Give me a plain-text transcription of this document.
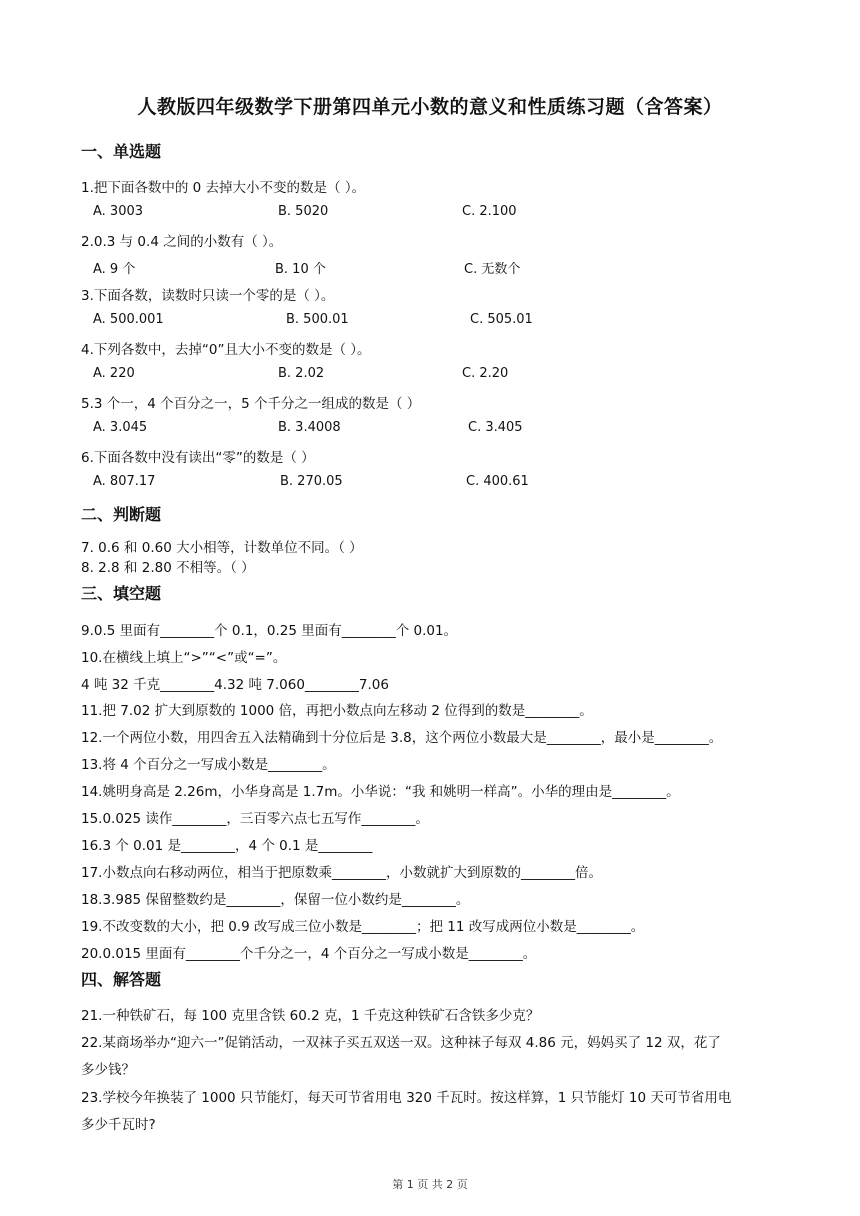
人教版四年级数学下册第四单元小数的意义和性质练习题（含答案）
一、单选题
1.把下面各数中的 0 去掉大小不变的数是（ ）。
A. 3003	B. 5020	C. 2.100
2.0.3 与 0.4 之间的小数有（ ）。
A. 9 个	B. 10 个	C. 无数个
3.下面各数，读数时只读一个零的是（ ）。
A. 500.001	B. 500.01	C. 505.01
4.下列各数中，去掉“0”且大小不变的数是（ ）。
A. 220	B. 2.02	C. 2.20
5.3 个一，4 个百分之一，5 个千分之一组成的数是（ ）
A. 3.045	B. 3.4008	C. 3.405
6.下面各数中没有读出“零”的数是（ ）
A. 807.17	B. 270.05	C. 400.61
二、判断题
7. 0.6 和 0.60 大小相等，计数单位不同。（ ）
8. 2.8 和 2.80 不相等。（ ）
三、填空题
9.0.5 里面有________个 0.1，0.25 里面有________个 0.01。
10.在横线上填上“>”“<”或“=”。
4 吨 32 千克________4.32 吨 7.060________7.06
11.把 7.02 扩大到原数的 1000 倍，再把小数点向左移动 2 位得到的数是________。
12.一个两位小数，用四舍五入法精确到十分位后是 3.8，这个两位小数最大是________，最小是________。
13.将 4 个百分之一写成小数是________。
14.姚明身高是 2.26m，小华身高是 1.7m。小华说：“我 和姚明一样高”。小华的理由是________。
15.0.025 读作________，三百零六点七五写作________。
16.3 个 0.01 是________，4 个 0.1 是________
17.小数点向右移动两位，相当于把原数乘________，小数就扩大到原数的________倍。
18.3.985 保留整数约是________，保留一位小数约是________。
19.不改变数的大小，把 0.9 改写成三位小数是________；把 11 改写成两位小数是________。
20.0.015 里面有________个千分之一，4 个百分之一写成小数是________。
四、解答题
21.一种铁矿石，每 100 克里含铁 60.2 克，1 千克这种铁矿石含铁多少克？
22.某商场举办“迎六一”促销活动，一双袜子买五双送一双。这种袜子每双 4.86 元，妈妈买了 12 双，花了
多少钱？
23.学校今年换装了 1000 只节能灯，每天可节省用电 320 千瓦时。按这样算，1 只节能灯 10 天可节省用电
多少千瓦时?
第 1 页 共 2 页
